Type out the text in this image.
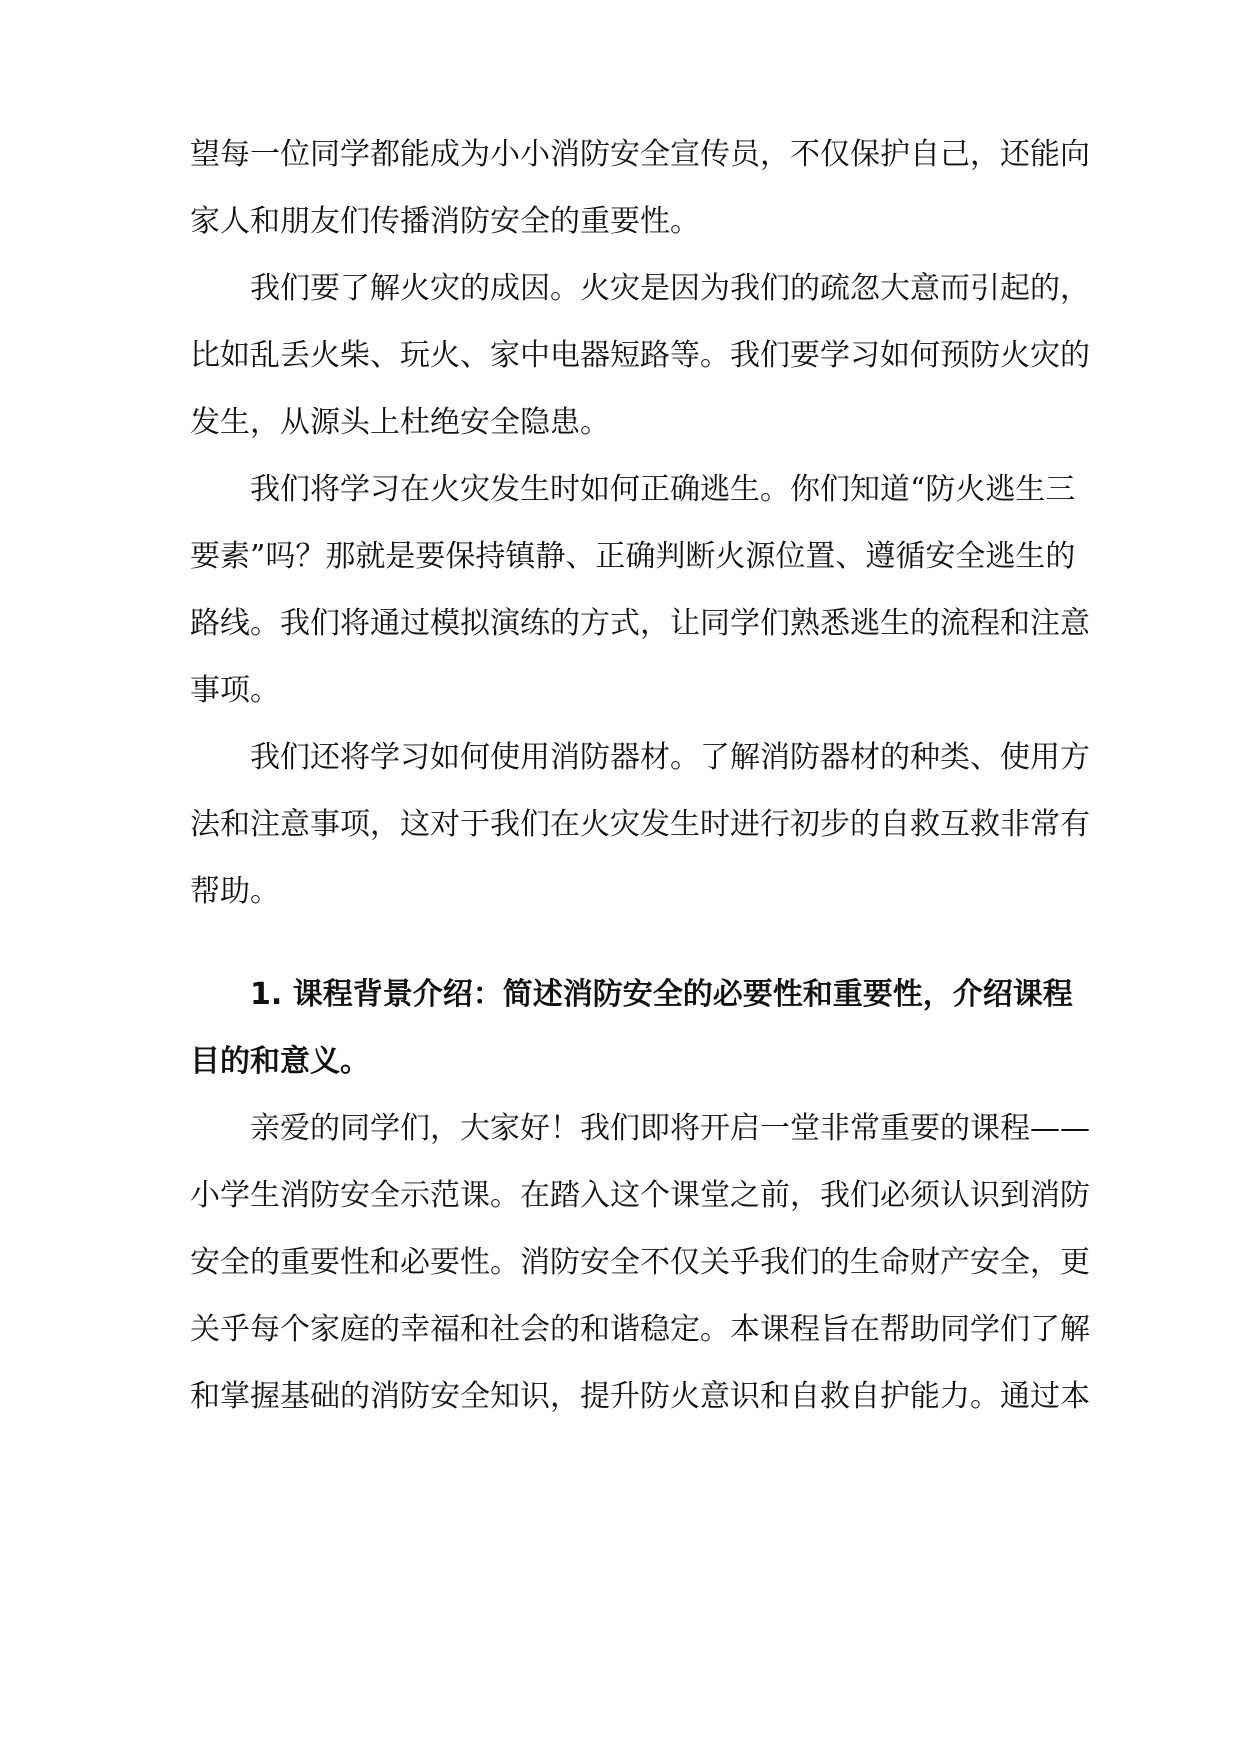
望每一位同学都能成为小小消防安全宣传员，不仅保护自己，还能向
家人和朋友们传播消防安全的重要性。
我们要了解火灾的成因。火灾是因为我们的疏忽大意而引起的，
比如乱丢火柴、玩火、家中电器短路等。我们要学习如何预防火灾的
发生，从源头上杜绝安全隐患。
我们将学习在火灾发生时如何正确逃生。你们知道“防火逃生三
要素”吗？那就是要保持镇静、正确判断火源位置、遵循安全逃生的
路线。我们将通过模拟演练的方式，让同学们熟悉逃生的流程和注意
事项。
我们还将学习如何使用消防器材。了解消防器材的种类、使用方
法和注意事项，这对于我们在火灾发生时进行初步的自救互救非常有
帮助。
1. 课程背景介绍：简述消防安全的必要性和重要性，介绍课程
目的和意义。
亲爱的同学们，大家好！我们即将开启一堂非常重要的课程——
小学生消防安全示范课。在踏入这个课堂之前，我们必须认识到消防
安全的重要性和必要性。消防安全不仅关乎我们的生命财产安全，更
关乎每个家庭的幸福和社会的和谐稳定。本课程旨在帮助同学们了解
和掌握基础的消防安全知识，提升防火意识和自救自护能力。通过本
